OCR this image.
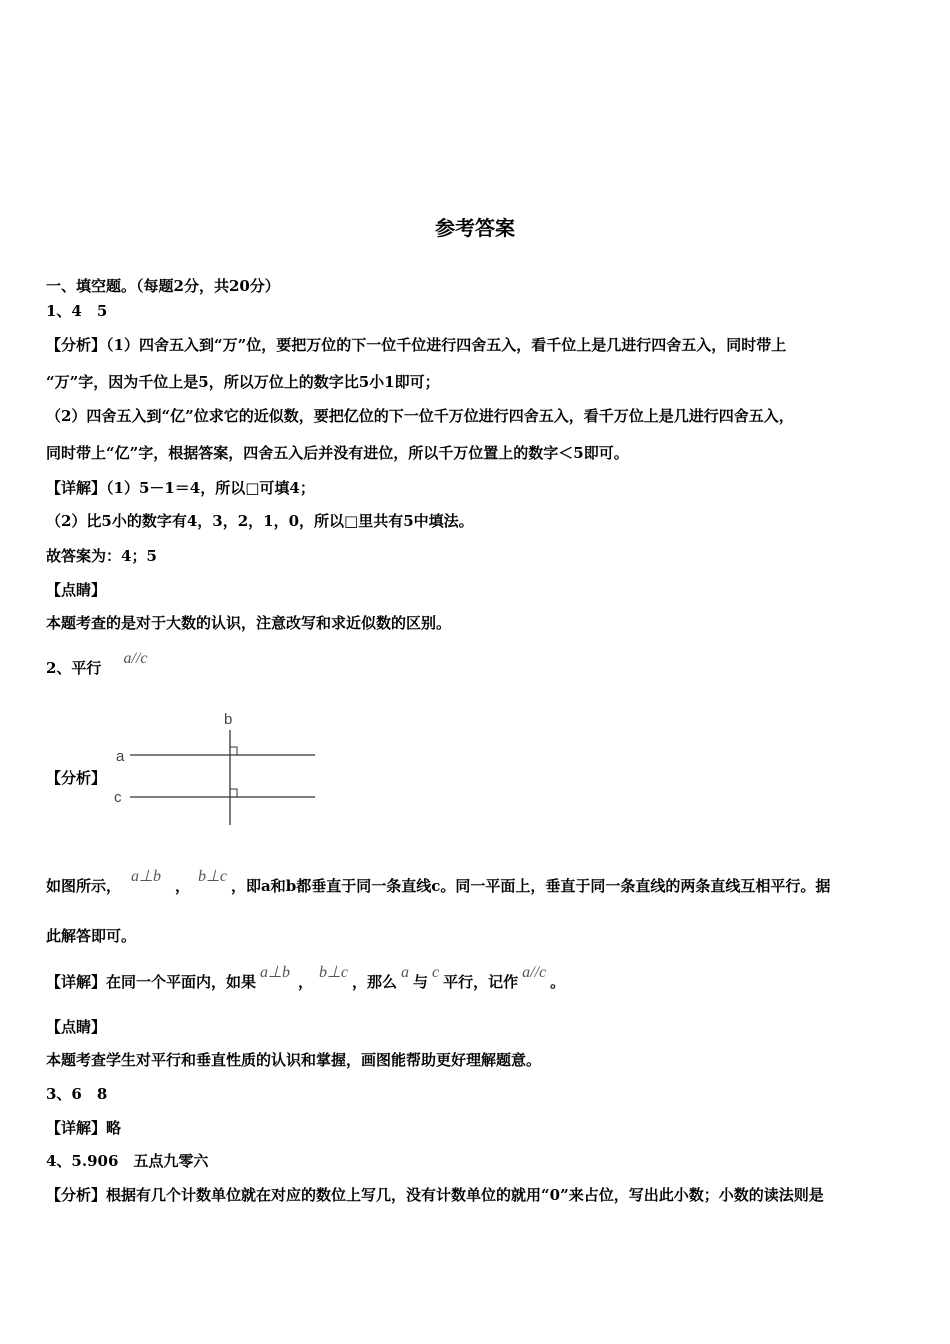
参考答案
一、填空题。（每题2分，共20分）
1、4　5
【分析】（1）四舍五入到“万”位，要把万位的下一位千位进行四舍五入，看千位上是几进行四舍五入，同时带上
“万”字，因为千位上是5，所以万位上的数字比5小1即可；
（2）四舍五入到“亿”位求它的近似数，要把亿位的下一位千万位进行四舍五入，看千万位上是几进行四舍五入，
同时带上“亿”字，根据答案，四舍五入后并没有进位，所以千万位置上的数字＜5即可。
【详解】（1）5－1＝4，所以□可填4；
（2）比5小的数字有4，3，2，1，0，所以□里共有5中填法。
故答案为：4；5
【点睛】
本题考查的是对于大数的认识，注意改写和求近似数的区别。
2、平行a//c
【分析】
b
a
c
如图所示，a⊥b，b⊥c，即a和b都垂直于同一条直线c。同一平面上，垂直于同一条直线的两条直线互相平行。据
此解答即可。
【详解】在同一个平面内，如果a⊥b，b⊥c，那么a与c平行，记作a//c。
【点睛】
本题考查学生对平行和垂直性质的认识和掌握，画图能帮助更好理解题意。
3、6　8
【详解】略
4、5.906　五点九零六
【分析】根据有几个计数单位就在对应的数位上写几，没有计数单位的就用“0”来占位，写出此小数；小数的读法则是
